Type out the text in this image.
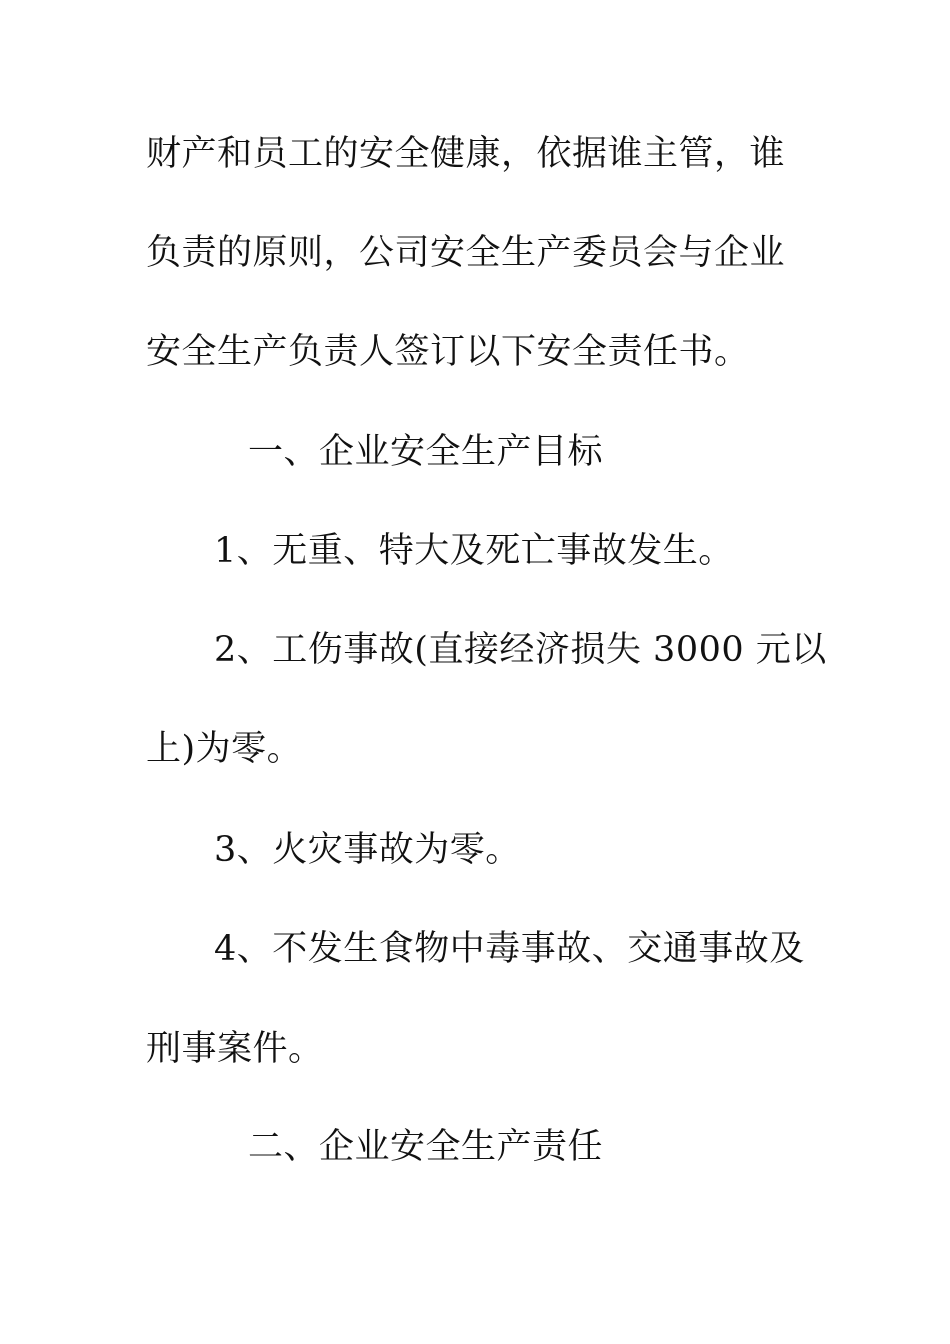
财产和员工的安全健康，依据谁主管，谁
负责的原则，公司安全生产委员会与企业
安全生产负责人签订以下安全责任书。
一、企业安全生产目标
1、无重、特大及死亡事故发生。
2、工伤事故(直接经济损失 3000 元以
上)为零。
3、火灾事故为零。
4、不发生食物中毒事故、交通事故及
刑事案件。
二、企业安全生产责任
